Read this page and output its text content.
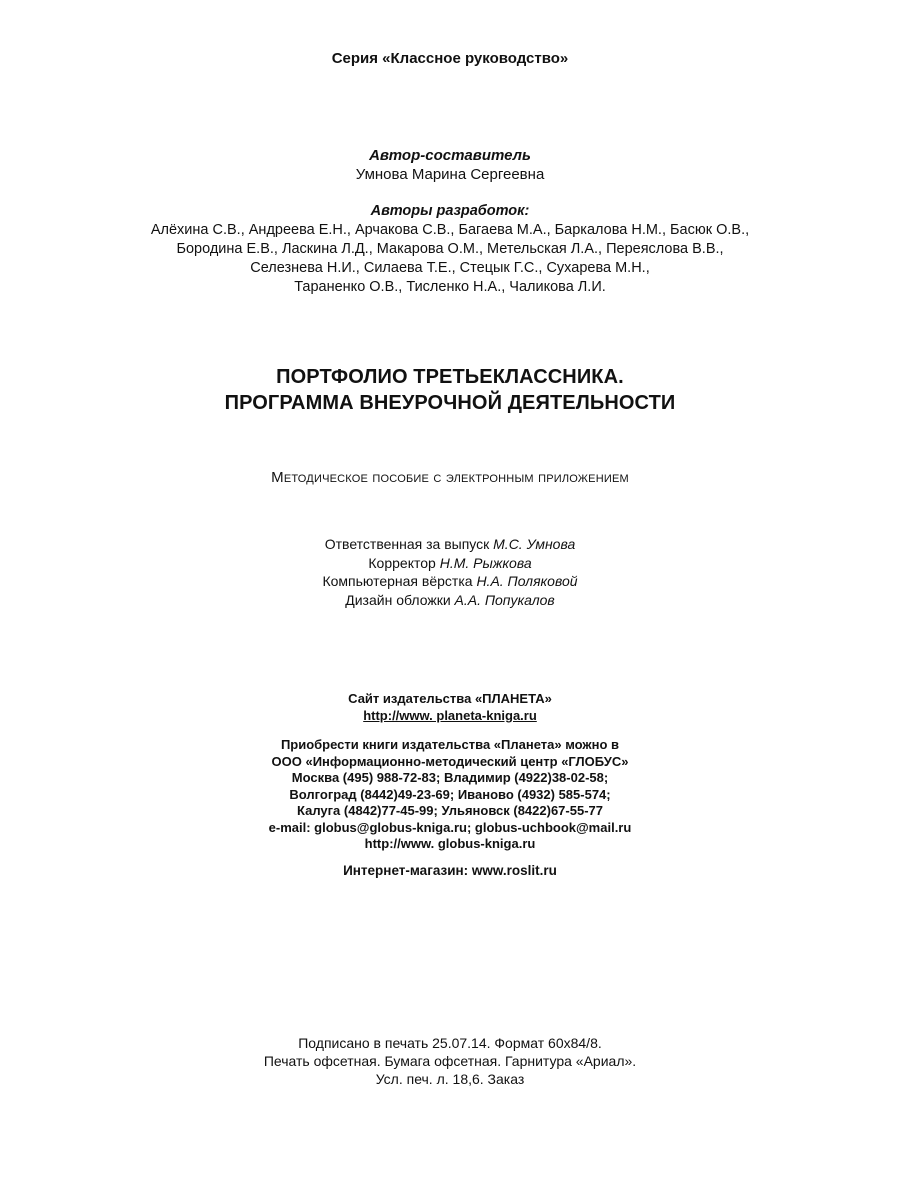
Серия «Классное руководство»
Автор-составитель
Умнова Марина Сергеевна
Авторы разработок:
Алёхина С.В., Андреева Е.Н., Арчакова С.В., Багаева М.А., Баркалова Н.М., Басюк О.В.,
Бородина Е.В., Ласкина Л.Д., Макарова О.М., Метельская Л.А., Переяслова В.В.,
Селезнева Н.И., Силаева Т.Е., Стецык Г.С., Сухарева М.Н.,
Тараненко О.В., Тисленко Н.А., Чаликова Л.И.
ПОРТФОЛИО ТРЕТЬЕКЛАССНИКА.
ПРОГРАММА ВНЕУРОЧНОЙ ДЕЯТЕЛЬНОСТИ
Методическое пособие с электронным приложением
Ответственная за выпуск М.С. Умнова
Корректор Н.М. Рыжкова
Компьютерная вёрстка Н.А. Поляковой
Дизайн обложки А.А. Попукалов
Сайт издательства «ПЛАНЕТА»
http://www. planeta-kniga.ru
Приобрести книги издательства «Планета» можно в
ООО «Информационно-методический центр «ГЛОБУС»
Москва (495) 988-72-83; Владимир (4922)38-02-58;
Волгоград (8442)49-23-69; Иваново (4932) 585-574;
Калуга (4842)77-45-99; Ульяновск (8422)67-55-77
e-mail: globus@globus-kniga.ru; globus-uchbook@mail.ru
http://www. globus-kniga.ru
Интернет-магазин: www.roslit.ru
Подписано в печать 25.07.14. Формат 60x84/8.
Печать офсетная. Бумага офсетная. Гарнитура «Ариал».
Усл. печ. л. 18,6. Заказ
